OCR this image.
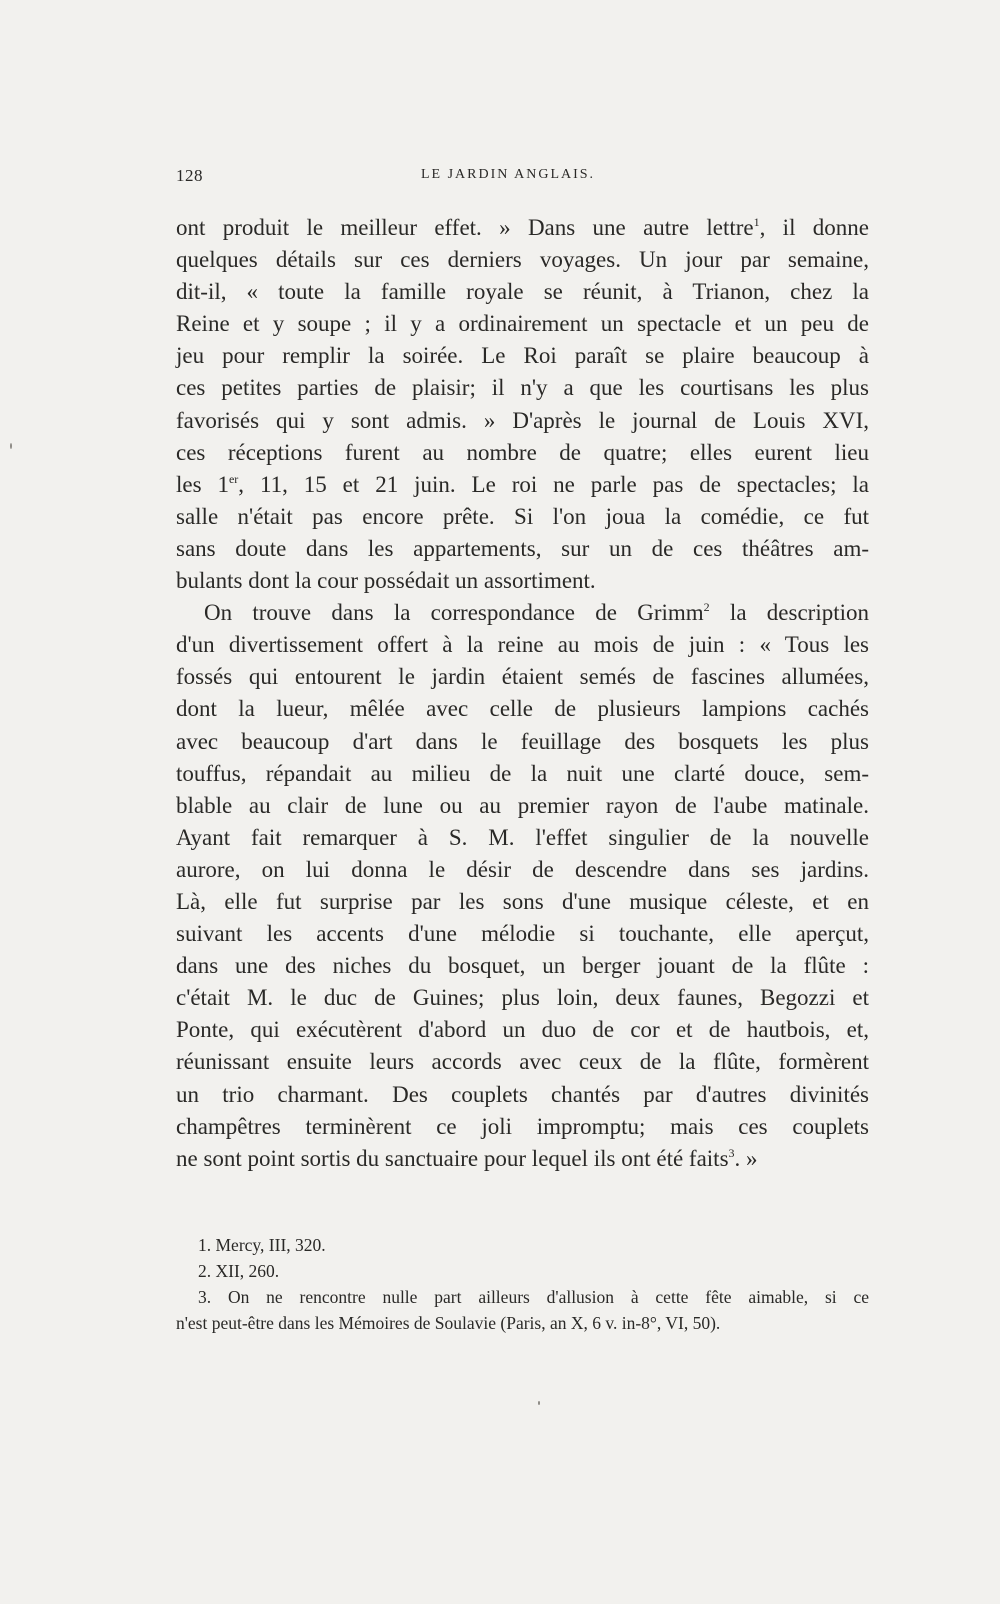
128	LE JARDIN ANGLAIS.
ont produit le meilleur effet. » Dans une autre lettre$^1$, il donne
quelques détails sur ces derniers voyages. Un jour par semaine,
dit-il, « toute la famille royale se réunit, à Trianon, chez la
Reine et y soupe ; il y a ordinairement un spectacle et un peu de
jeu pour remplir la soirée. Le Roi paraît se plaire beaucoup à
ces petites parties de plaisir; il n'y a que les courtisans les plus
favorisés qui y sont admis. » D'après le journal de Louis XVI,
ces réceptions furent au nombre de quatre; elles eurent lieu
les 1er, 11, 15 et 21 juin. Le roi ne parle pas de spectacles; la
salle n'était pas encore prête. Si l'on joua la comédie, ce fut
sans doute dans les appartements, sur un de ces théâtres am-
bulants dont la cour possédait un assortiment.
On trouve dans la correspondance de Grimm$^2$ la description
d'un divertissement offert à la reine au mois de juin : « Tous les
fossés qui entourent le jardin étaient semés de fascines allumées,
dont la lueur, mêlée avec celle de plusieurs lampions cachés
avec beaucoup d'art dans le feuillage des bosquets les plus
touffus, répandait au milieu de la nuit une clarté douce, sem-
blable au clair de lune ou au premier rayon de l'aube matinale.
Ayant fait remarquer à S. M. l'effet singulier de la nouvelle
aurore, on lui donna le désir de descendre dans ses jardins.
Là, elle fut surprise par les sons d'une musique céleste, et en
suivant les accents d'une mélodie si touchante, elle aperçut,
dans une des niches du bosquet, un berger jouant de la flûte :
c'était M. le duc de Guines; plus loin, deux faunes, Begozzi et
Ponte, qui exécutèrent d'abord un duo de cor et de hautbois, et,
réunissant ensuite leurs accords avec ceux de la flûte, formèrent
un trio charmant. Des couplets chantés par d'autres divinités
champêtres terminèrent ce joli impromptu; mais ces couplets
ne sont point sortis du sanctuaire pour lequel ils ont été faits$^3$. »
1. Mercy, III, 320.
2. XII, 260.
3. On ne rencontre nulle part ailleurs d'allusion à cette fête aimable, si ce
n'est peut-être dans les Mémoires de Soulavie (Paris, an X, 6 v. in-8°, VI, 50).
